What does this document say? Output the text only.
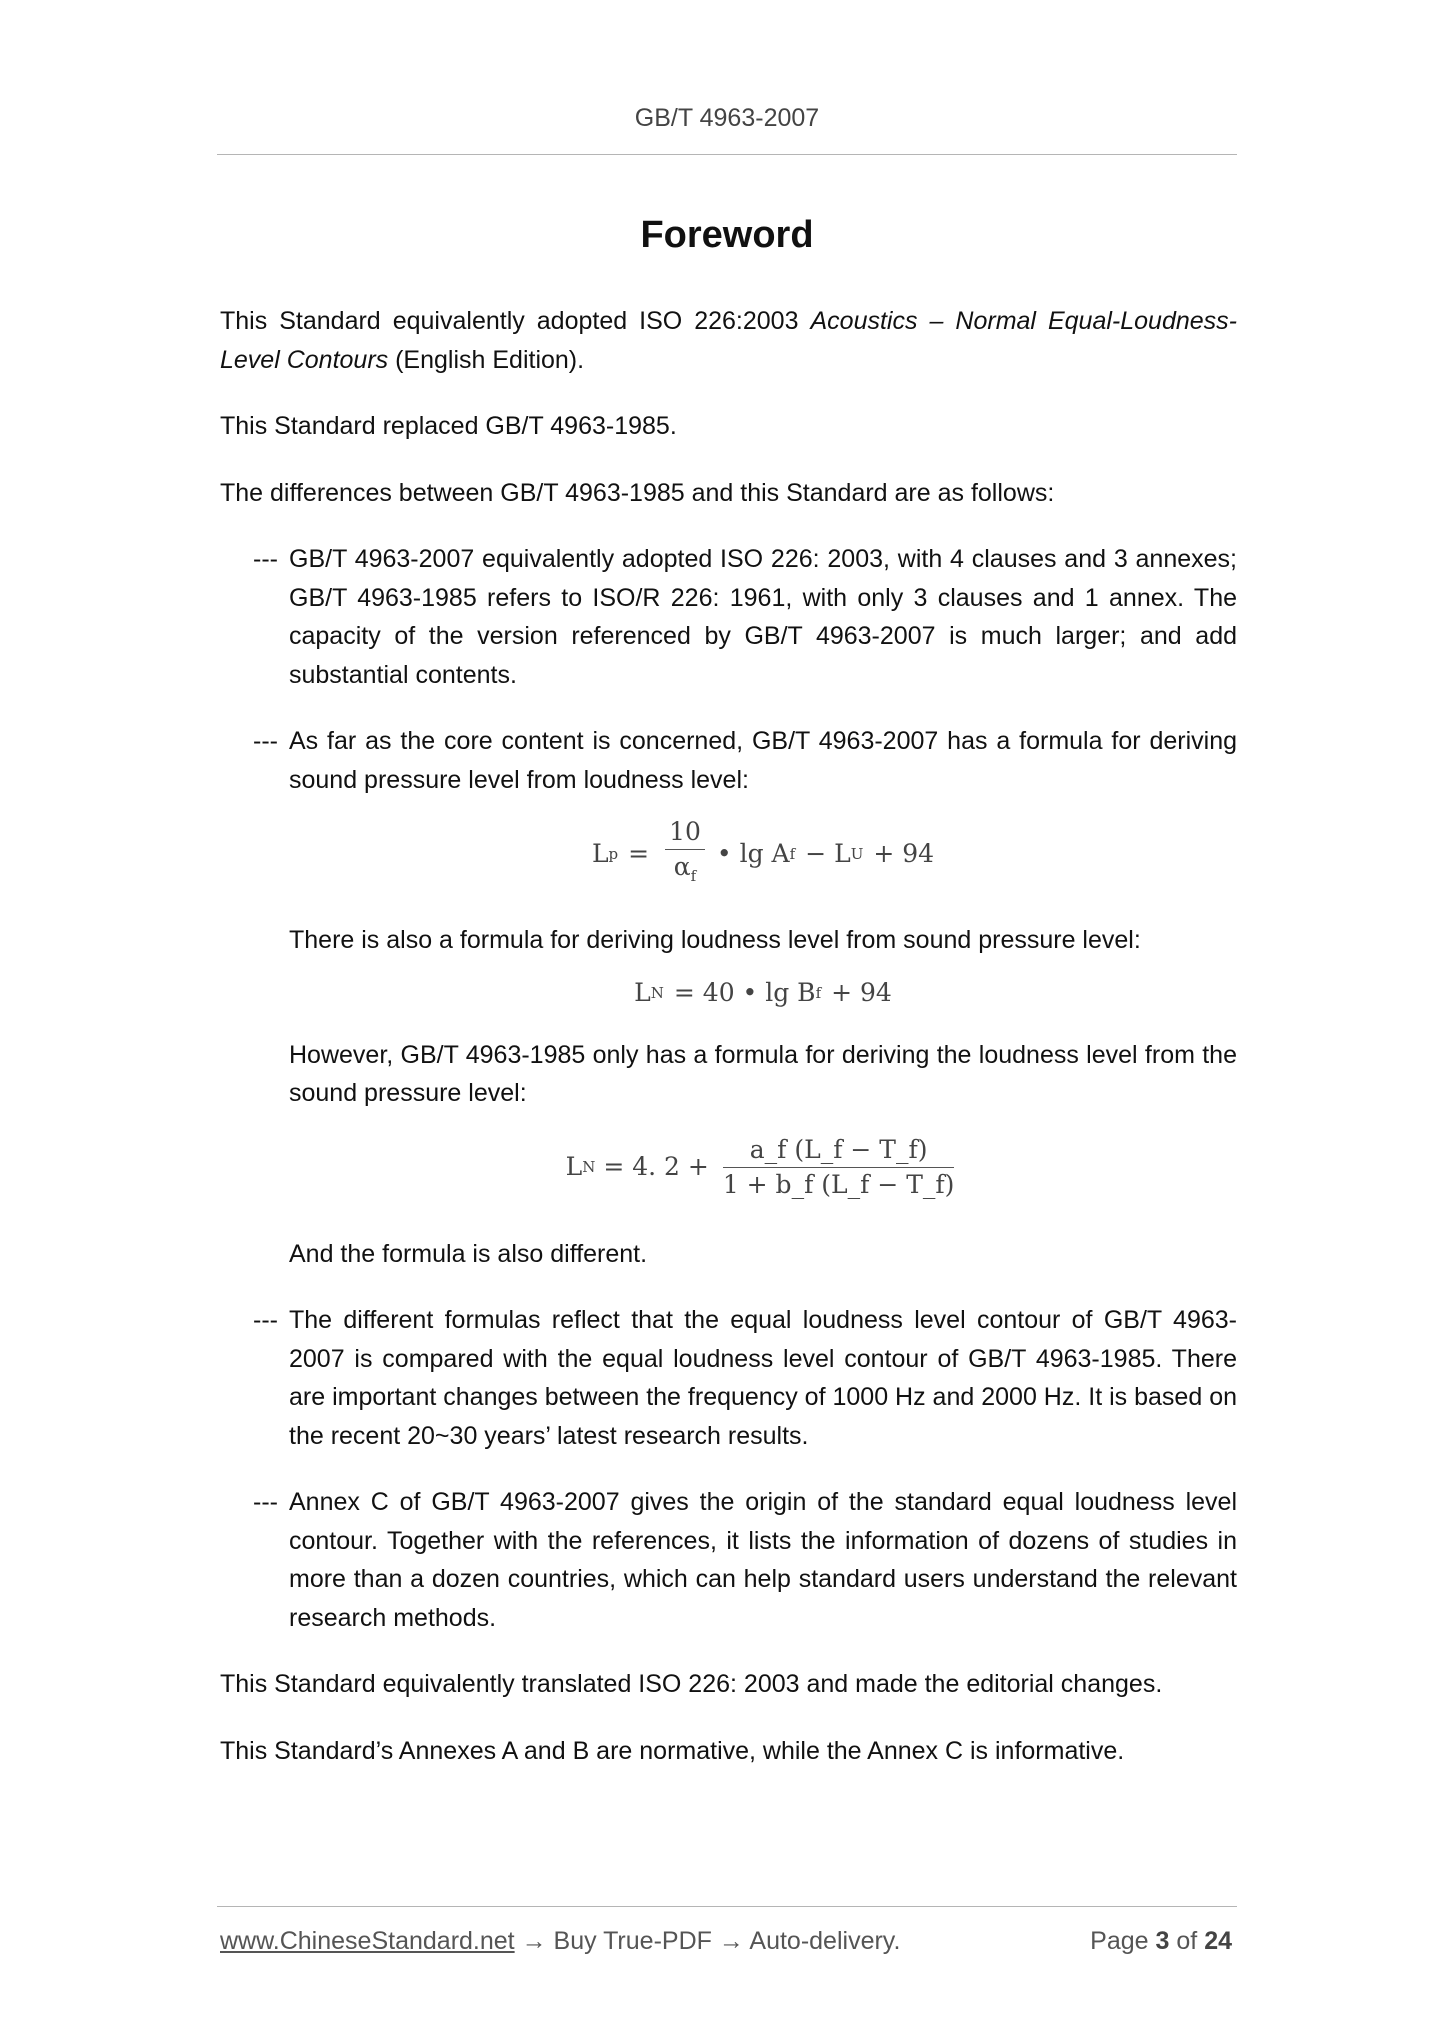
GB/T 4963-2007
Foreword

This Standard equivalently adopted ISO 226:2003 Acoustics – Normal Equal-Loudness-Level Contours (English Edition).

This Standard replaced GB/T 4963-1985.

The differences between GB/T 4963-1985 and this Standard are as follows:

--- GB/T 4963-2007 equivalently adopted ISO 226: 2003, with 4 clauses and 3 annexes; GB/T 4963-1985 refers to ISO/R 226: 1961, with only 3 clauses and 1 annex. The capacity of the version referenced by GB/T 4963-2007 is much larger; and add substantial contents.

--- As far as the core content is concerned, GB/T 4963-2007 has a formula for deriving sound pressure level from loudness level:

L $p = \frac{10}{\alpha_f}$ • lg A f − L U + 94

There is also a formula for deriving loudness level from sound pressure level:

L N = 40 • lg B f + 94

However, GB/T 4963-1985 only has a formula for deriving the loudness level from the sound pressure level:

L N = 4. $2 + \frac{a\_f (L\_f - T\_f)}{1 + b\_f (L\_f - T\_f)}$

And the formula is also different.

--- The different formulas reflect that the equal loudness level contour of GB/T 4963-2007 is compared with the equal loudness level contour of GB/T 4963-1985. There are important changes between the frequency of 1000 Hz and 2000 Hz. It is based on the recent 20~30 years’ latest research results.

--- Annex C of GB/T 4963-2007 gives the origin of the standard equal loudness level contour. Together with the references, it lists the information of dozens of studies in more than a dozen countries, which can help standard users understand the relevant research methods.

This Standard equivalently translated ISO 226: 2003 and made the editorial changes.

This Standard’s Annexes A and B are normative, while the Annex C is informative.

www.ChineseStandard.net → Buy True-PDF → Auto-delivery.	Page 3 of 24
